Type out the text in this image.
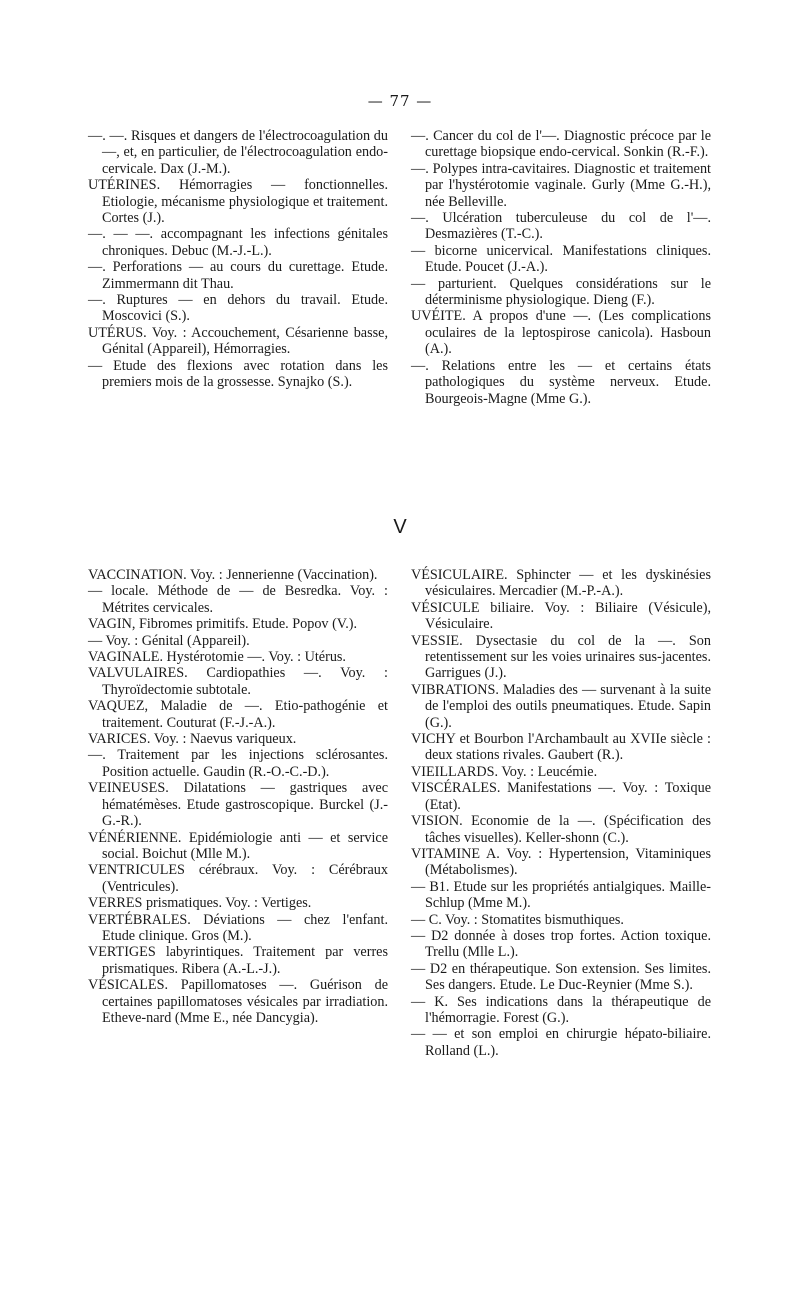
— 77 —

—. —. Risques et dangers de l'électrocoagulation du —, et, en particulier, de l'électrocoagulation endo-cervicale. Dax (J.-M.).

UTÉRINES. Hémorragies — fonctionnelles. Etiologie, mécanisme physiologique et traitement. Cortes (J.).

—. — —. accompagnant les infections génitales chroniques. Debuc (M.-J.-L.).

—. Perforations — au cours du curettage. Etude. Zimmermann dit Thau.

—. Ruptures — en dehors du travail. Etude. Moscovici (S.).

UTÉRUS. Voy. : Accouchement, Césarienne basse, Génital (Appareil), Hémorragies.

— Etude des flexions avec rotation dans les premiers mois de la grossesse. Synajko (S.).

—. Cancer du col de l'—. Diagnostic précoce par le curettage biopsique endo-cervical. Sonkin (R.-F.).

—. Polypes intra-cavitaires. Diagnostic et traitement par l'hystérotomie vaginale. Gurly (Mme G.-H.), née Belleville.

—. Ulcération tuberculeuse du col de l'—. Desmazières (T.-C.).

— bicorne unicervical. Manifestations cliniques. Etude. Poucet (J.-A.).

— parturient. Quelques considérations sur le déterminisme physiologique. Dieng (F.).

UVÉITE. A propos d'une —. (Les complications oculaires de la leptospirose canicola). Hasboun (A.).

—. Relations entre les — et certains états pathologiques du système nerveux. Etude. Bourgeois-Magne (Mme G.).

V

VACCINATION. Voy. : Jennerienne (Vaccination).

— locale. Méthode de — de Besredka. Voy. : Métrites cervicales.

VAGIN, Fibromes primitifs. Etude. Popov (V.).

— Voy. : Génital (Appareil).

VAGINALE. Hystérotomie —. Voy. : Utérus.

VALVULAIRES. Cardiopathies —. Voy. : Thyroïdectomie subtotale.

VAQUEZ, Maladie de —. Etio-pathogénie et traitement. Couturat (F.-J.-A.).

VARICES. Voy. : Naevus variqueux.

—. Traitement par les injections sclérosantes. Position actuelle. Gaudin (R.-O.-C.-D.).

VEINEUSES. Dilatations — gastriques avec hématémèses. Etude gastroscopique. Burckel (J.-G.-R.).

VÉNÉRIENNE. Epidémiologie anti — et service social. Boichut (Mlle M.).

VENTRICULES cérébraux. Voy. : Cérébraux (Ventricules).

VERRES prismatiques. Voy. : Vertiges.

VERTÉBRALES. Déviations — chez l'enfant. Etude clinique. Gros (M.).

VERTIGES labyrintiques. Traitement par verres prismatiques. Ribera (A.-L.-J.).

VÉSICALES. Papillomatoses —. Guérison de certaines papillomatoses vésicales par irradiation. Etheve-nard (Mme E., née Dancygia).

VÉSICULAIRE. Sphincter — et les dyskinésies vésiculaires. Mercadier (M.-P.-A.).

VÉSICULE biliaire. Voy. : Biliaire (Vésicule), Vésiculaire.

VESSIE. Dysectasie du col de la —. Son retentissement sur les voies urinaires sus-jacentes. Garrigues (J.).

VIBRATIONS. Maladies des — survenant à la suite de l'emploi des outils pneumatiques. Etude. Sapin (G.).

VICHY et Bourbon l'Archambault au XVIIe siècle : deux stations rivales. Gaubert (R.).

VIEILLARDS. Voy. : Leucémie.

VISCÉRALES. Manifestations —. Voy. : Toxique (Etat).

VISION. Economie de la —. (Spécification des tâches visuelles). Keller-shonn (C.).

VITAMINE A. Voy. : Hypertension, Vitaminiques (Métabolismes).

— B1. Etude sur les propriétés antialgiques. Maille-Schlup (Mme M.).

— C. Voy. : Stomatites bismuthiques.

— D2 donnée à doses trop fortes. Action toxique. Trellu (Mlle L.).

— D2 en thérapeutique. Son extension. Ses limites. Ses dangers. Etude. Le Duc-Reynier (Mme S.).

— K. Ses indications dans la thérapeutique de l'hémorragie. Forest (G.).

— — et son emploi en chirurgie hépato-biliaire. Rolland (L.).
